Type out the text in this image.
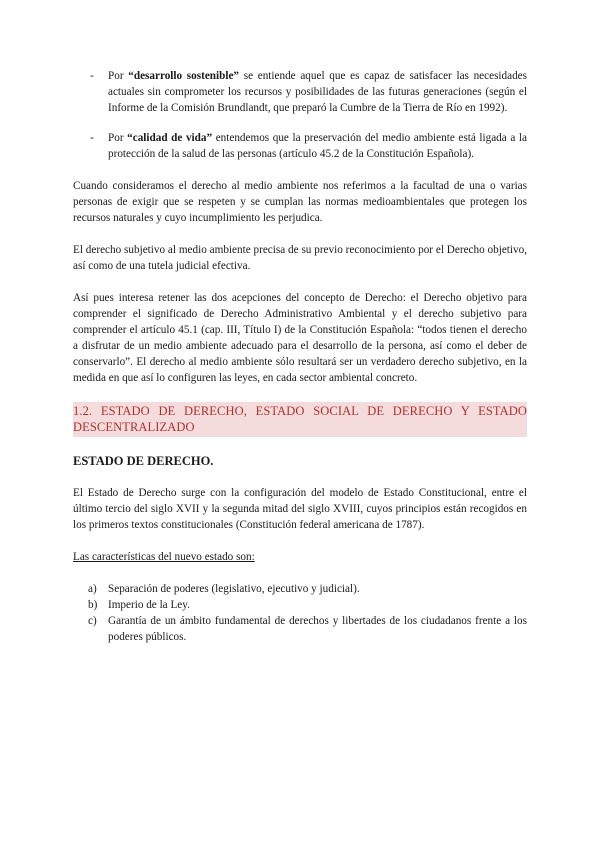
- Por “desarrollo sostenible” se entiende aquel que es capaz de satisfacer las necesidades actuales sin comprometer los recursos y posibilidades de las futuras generaciones (según el Informe de la Comisión Brundlandt, que preparó la Cumbre de la Tierra de Río en 1992).

- Por “calidad de vida” entendemos que la preservación del medio ambiente está ligada a la protección de la salud de las personas (artículo 45.2 de la Constitución Española).

Cuando consideramos el derecho al medio ambiente nos referimos a la facultad de una o varias personas de exigir que se respeten y se cumplan las normas medioambientales que protegen los recursos naturales y cuyo incumplimiento les perjudica.

El derecho subjetivo al medio ambiente precisa de su previo reconocimiento por el Derecho objetivo, así como de una tutela judicial efectiva.

Así pues interesa retener las dos acepciones del concepto de Derecho: el Derecho objetivo para comprender el significado de Derecho Administrativo Ambiental y el derecho subjetivo para comprender el artículo 45.1 (cap. III, Título I) de la Constitución Española: “todos tienen el derecho a disfrutar de un medio ambiente adecuado para el desarrollo de la persona, así como el deber de conservarlo”. El derecho al medio ambiente sólo resultará ser un verdadero derecho subjetivo, en la medida en que así lo configuren las leyes, en cada sector ambiental concreto.

1.2. ESTADO DE DERECHO, ESTADO SOCIAL DE DERECHO Y ESTADO DESCENTRALIZADO
ESTADO DE DERECHO.

El Estado de Derecho surge con la configuración del modelo de Estado Constitucional, entre el último tercio del siglo XVII y la segunda mitad del siglo XVIII, cuyos principios están recogidos en los primeros textos constitucionales (Constitución federal americana de 1787).

Las características del nuevo estado son:

a) Separación de poderes (legislativo, ejecutivo y judicial).

b) Imperio de la Ley.

c) Garantía de un ámbito fundamental de derechos y libertades de los ciudadanos frente a los poderes públicos.
